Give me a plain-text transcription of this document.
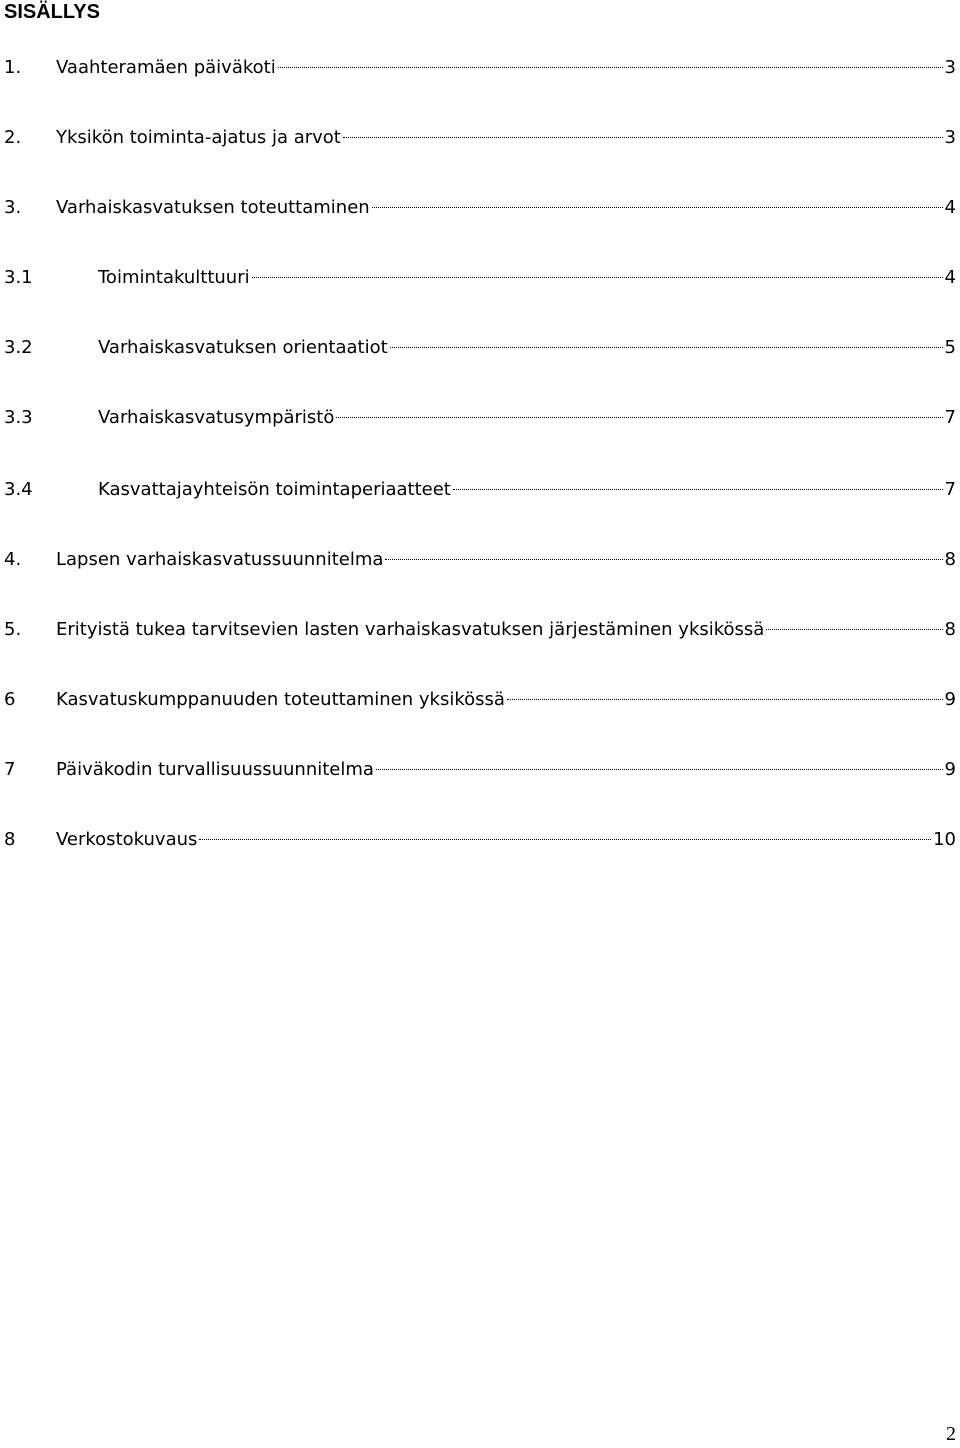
SISÄLLYS
1.	Vaahteramäen päiväkoti	3
2.	Yksikön toiminta-ajatus ja arvot	3
3.	Varhaiskasvatuksen toteuttaminen	4
3.1	Toimintakulttuuri	4
3.2	Varhaiskasvatuksen orientaatiot	5
3.3	Varhaiskasvatusympäristö	7
3.4	Kasvattajayhteisön toimintaperiaatteet	7
4.	Lapsen varhaiskasvatussuunnitelma	8
5.	Erityistä tukea tarvitsevien lasten varhaiskasvatuksen järjestäminen yksikössä	8
6	Kasvatuskumppanuuden toteuttaminen yksikössä	9
7	Päiväkodin turvallisuussuunnitelma	9
8	Verkostokuvaus	10

2
